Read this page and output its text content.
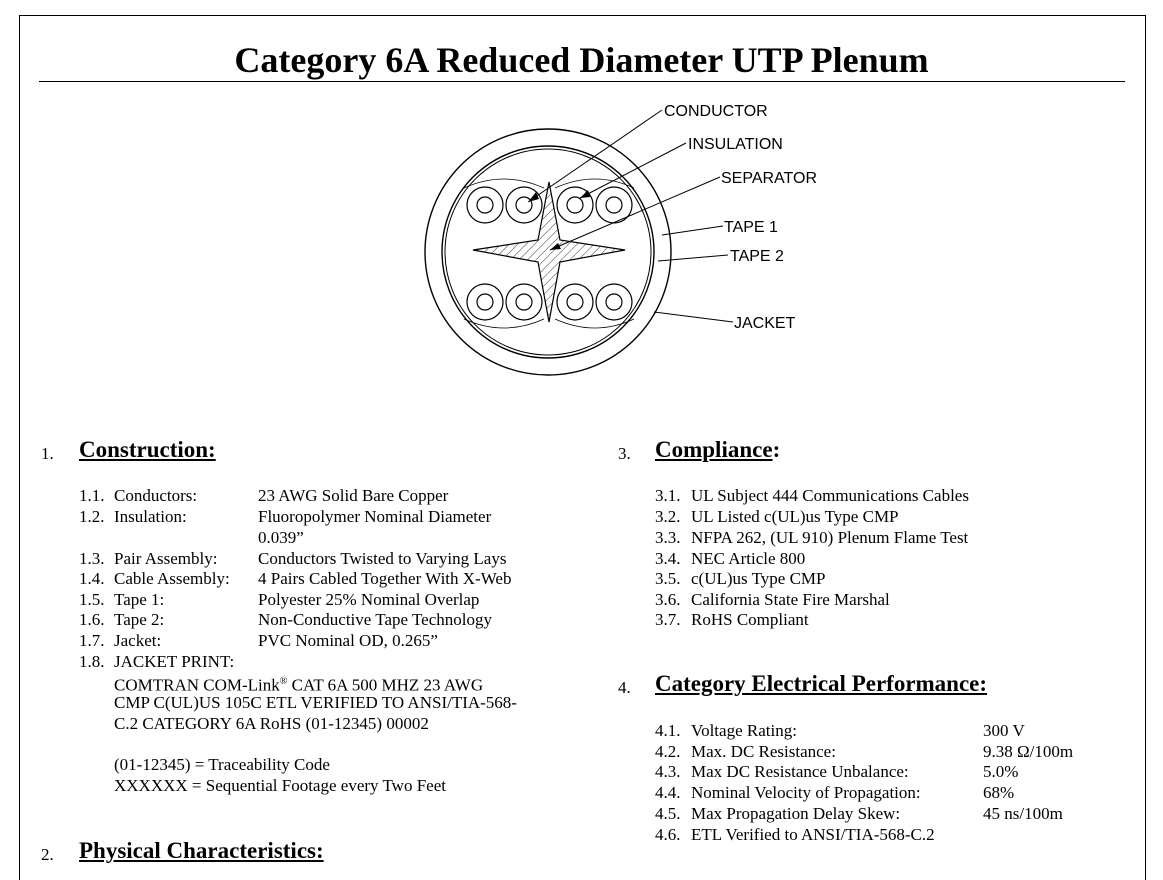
Category 6A Reduced Diameter UTP Plenum
CONDUCTOR
INSULATION
SEPARATOR
TAPE 1
TAPE 2
JACKET
1. Construction:
1.1. Conductors:	23 AWG Solid Bare Copper
1.2. Insulation:	Fluoropolymer Nominal Diameter
0.039”
1.3. Pair Assembly: Conductors Twisted to Varying Lays
1.4. Cable Assembly: 4 Pairs Cabled Together With X-Web
1.5. Tape 1:	Polyester 25% Nominal Overlap
1.6. Tape 2:	Non-Conductive Tape Technology
1.7. Jacket:	PVC Nominal OD, 0.265”
1.8. JACKET PRINT:
COMTRAN COM-Link® CAT 6A 500 MHZ 23 AWG
CMP C(UL)US 105C ETL VERIFIED TO ANSI/TIA-568-
C.2 CATEGORY 6A RoHS (01-12345) 00002
(01-12345) = Traceability Code
XXXXXX = Sequential Footage every Two Feet
2. Physical Characteristics:
3. Compliance:
3.1. UL Subject 444 Communications Cables
3.2. UL Listed c(UL)us Type CMP
3.3. NFPA 262, (UL 910) Plenum Flame Test
3.4. NEC Article 800
3.5. c(UL)us Type CMP
3.6. California State Fire Marshal
3.7. RoHS Compliant
4. Category Electrical Performance:
4.1. Voltage Rating:	300 V
4.2. Max. DC Resistance:	9.38 Ω/100m
4.3. Max DC Resistance Unbalance:	5.0%
4.4. Nominal Velocity of Propagation:	68%
4.5. Max Propagation Delay Skew:	45 ns/100m
4.6. ETL Verified to ANSI/TIA-568-C.2
